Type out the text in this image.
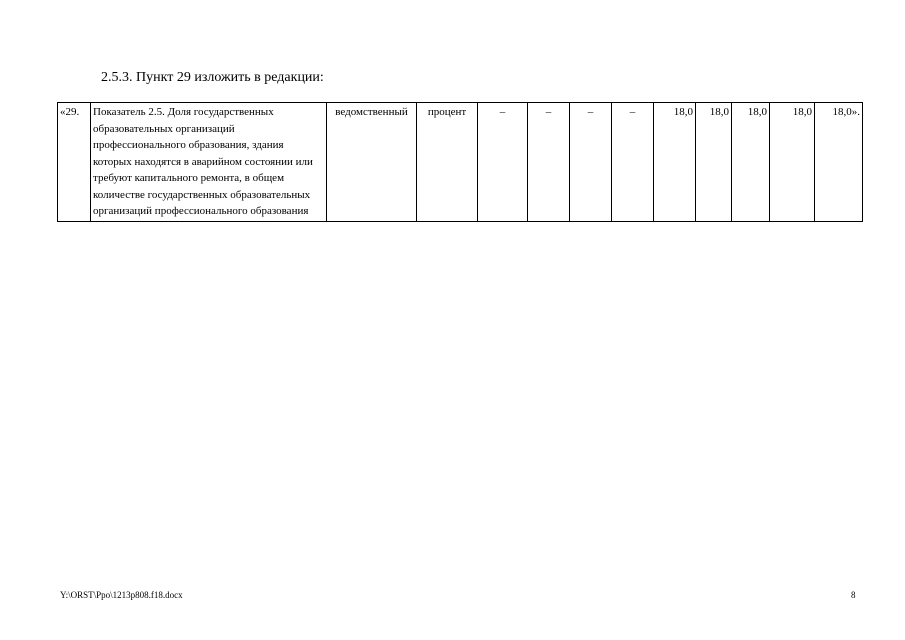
2.5.3. Пункт 29 изложить в редакции:
«29.	Показатель 2.5. Доля государственных образовательных организаций профессионального образования, здания которых находятся в аварийном состоянии или требуют капитального ремонта, в общем количестве государственных образовательных организаций профессионального образования	ведомственный	процент	–	–	–	–	18,0	18,0	18,0	18,0	18,0».
Y:\ORST\Ppo\1213p808.f18.docx	8
